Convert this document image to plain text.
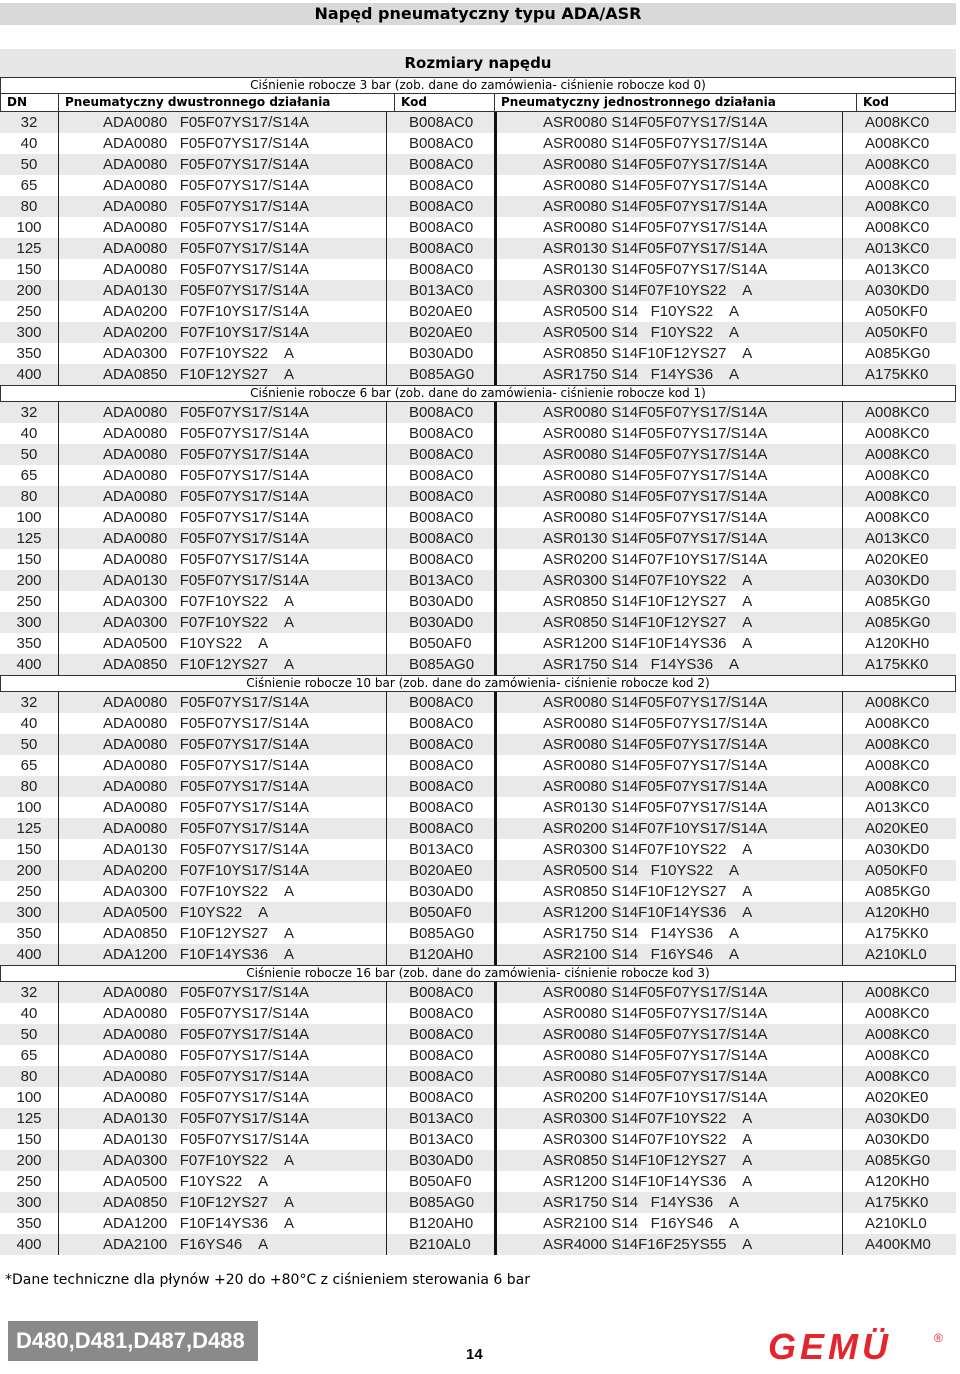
Napęd pneumatyczny typu ADA/ASR
Rozmiary napędu
Ciśnienie robocze 3 bar (zob. dane do zamówienia- ciśnienie robocze kod 0)
DN	Pneumatyczny dwustronnego działania	Kod	Pneumatyczny jednostronnego działania	Kod
32	ADA0080   F05F07YS17/S14A	B008AC0	ASR0080 S14F05F07YS17/S14A	A008KC0
40	ADA0080   F05F07YS17/S14A	B008AC0	ASR0080 S14F05F07YS17/S14A	A008KC0
50	ADA0080   F05F07YS17/S14A	B008AC0	ASR0080 S14F05F07YS17/S14A	A008KC0
65	ADA0080   F05F07YS17/S14A	B008AC0	ASR0080 S14F05F07YS17/S14A	A008KC0
80	ADA0080   F05F07YS17/S14A	B008AC0	ASR0080 S14F05F07YS17/S14A	A008KC0
100	ADA0080   F05F07YS17/S14A	B008AC0	ASR0080 S14F05F07YS17/S14A	A008KC0
125	ADA0080   F05F07YS17/S14A	B008AC0	ASR0130 S14F05F07YS17/S14A	A013KC0
150	ADA0080   F05F07YS17/S14A	B008AC0	ASR0130 S14F05F07YS17/S14A	A013KC0
200	ADA0130   F05F07YS17/S14A	B013AC0	ASR0300 S14F07F10YS22    A	A030KD0
250	ADA0200   F07F10YS17/S14A	B020AE0	ASR0500 S14   F10YS22    A	A050KF0
300	ADA0200   F07F10YS17/S14A	B020AE0	ASR0500 S14   F10YS22    A	A050KF0
350	ADA0300   F07F10YS22    A	B030AD0	ASR0850 S14F10F12YS27    A	A085KG0
400	ADA0850   F10F12YS27    A	B085AG0	ASR1750 S14   F14YS36    A	A175KK0
Ciśnienie robocze 6 bar (zob. dane do zamówienia- ciśnienie robocze kod 1)
32	ADA0080   F05F07YS17/S14A	B008AC0	ASR0080 S14F05F07YS17/S14A	A008KC0
40	ADA0080   F05F07YS17/S14A	B008AC0	ASR0080 S14F05F07YS17/S14A	A008KC0
50	ADA0080   F05F07YS17/S14A	B008AC0	ASR0080 S14F05F07YS17/S14A	A008KC0
65	ADA0080   F05F07YS17/S14A	B008AC0	ASR0080 S14F05F07YS17/S14A	A008KC0
80	ADA0080   F05F07YS17/S14A	B008AC0	ASR0080 S14F05F07YS17/S14A	A008KC0
100	ADA0080   F05F07YS17/S14A	B008AC0	ASR0080 S14F05F07YS17/S14A	A008KC0
125	ADA0080   F05F07YS17/S14A	B008AC0	ASR0130 S14F05F07YS17/S14A	A013KC0
150	ADA0080   F05F07YS17/S14A	B008AC0	ASR0200 S14F07F10YS17/S14A	A020KE0
200	ADA0130   F05F07YS17/S14A	B013AC0	ASR0300 S14F07F10YS22    A	A030KD0
250	ADA0300   F07F10YS22    A	B030AD0	ASR0850 S14F10F12YS27    A	A085KG0
300	ADA0300   F07F10YS22    A	B030AD0	ASR0850 S14F10F12YS27    A	A085KG0
350	ADA0500   F10YS22    A	B050AF0	ASR1200 S14F10F14YS36    A	A120KH0
400	ADA0850   F10F12YS27    A	B085AG0	ASR1750 S14   F14YS36    A	A175KK0
Ciśnienie robocze 10 bar (zob. dane do zamówienia- ciśnienie robocze kod 2)
32	ADA0080   F05F07YS17/S14A	B008AC0	ASR0080 S14F05F07YS17/S14A	A008KC0
40	ADA0080   F05F07YS17/S14A	B008AC0	ASR0080 S14F05F07YS17/S14A	A008KC0
50	ADA0080   F05F07YS17/S14A	B008AC0	ASR0080 S14F05F07YS17/S14A	A008KC0
65	ADA0080   F05F07YS17/S14A	B008AC0	ASR0080 S14F05F07YS17/S14A	A008KC0
80	ADA0080   F05F07YS17/S14A	B008AC0	ASR0080 S14F05F07YS17/S14A	A008KC0
100	ADA0080   F05F07YS17/S14A	B008AC0	ASR0130 S14F05F07YS17/S14A	A013KC0
125	ADA0080   F05F07YS17/S14A	B008AC0	ASR0200 S14F07F10YS17/S14A	A020KE0
150	ADA0130   F05F07YS17/S14A	B013AC0	ASR0300 S14F07F10YS22    A	A030KD0
200	ADA0200   F07F10YS17/S14A	B020AE0	ASR0500 S14   F10YS22    A	A050KF0
250	ADA0300   F07F10YS22    A	B030AD0	ASR0850 S14F10F12YS27    A	A085KG0
300	ADA0500   F10YS22    A	B050AF0	ASR1200 S14F10F14YS36    A	A120KH0
350	ADA0850   F10F12YS27    A	B085AG0	ASR1750 S14   F14YS36    A	A175KK0
400	ADA1200   F10F14YS36    A	B120AH0	ASR2100 S14   F16YS46    A	A210KL0
Ciśnienie robocze 16 bar (zob. dane do zamówienia- ciśnienie robocze kod 3)
32	ADA0080   F05F07YS17/S14A	B008AC0	ASR0080 S14F05F07YS17/S14A	A008KC0
40	ADA0080   F05F07YS17/S14A	B008AC0	ASR0080 S14F05F07YS17/S14A	A008KC0
50	ADA0080   F05F07YS17/S14A	B008AC0	ASR0080 S14F05F07YS17/S14A	A008KC0
65	ADA0080   F05F07YS17/S14A	B008AC0	ASR0080 S14F05F07YS17/S14A	A008KC0
80	ADA0080   F05F07YS17/S14A	B008AC0	ASR0080 S14F05F07YS17/S14A	A008KC0
100	ADA0080   F05F07YS17/S14A	B008AC0	ASR0200 S14F07F10YS17/S14A	A020KE0
125	ADA0130   F05F07YS17/S14A	B013AC0	ASR0300 S14F07F10YS22    A	A030KD0
150	ADA0130   F05F07YS17/S14A	B013AC0	ASR0300 S14F07F10YS22    A	A030KD0
200	ADA0300   F07F10YS22    A	B030AD0	ASR0850 S14F10F12YS27    A	A085KG0
250	ADA0500   F10YS22    A	B050AF0	ASR1200 S14F10F14YS36    A	A120KH0
300	ADA0850   F10F12YS27    A	B085AG0	ASR1750 S14   F14YS36    A	A175KK0
350	ADA1200   F10F14YS36    A	B120AH0	ASR2100 S14   F16YS46    A	A210KL0
400	ADA2100   F16YS46    A	B210AL0	ASR4000 S14F16F25YS55    A	A400KM0
*Dane techniczne dla płynów +20 do +80°C z ciśnieniem sterowania 6 bar
D480,D481,D487,D488
14	GEMÜ	®
